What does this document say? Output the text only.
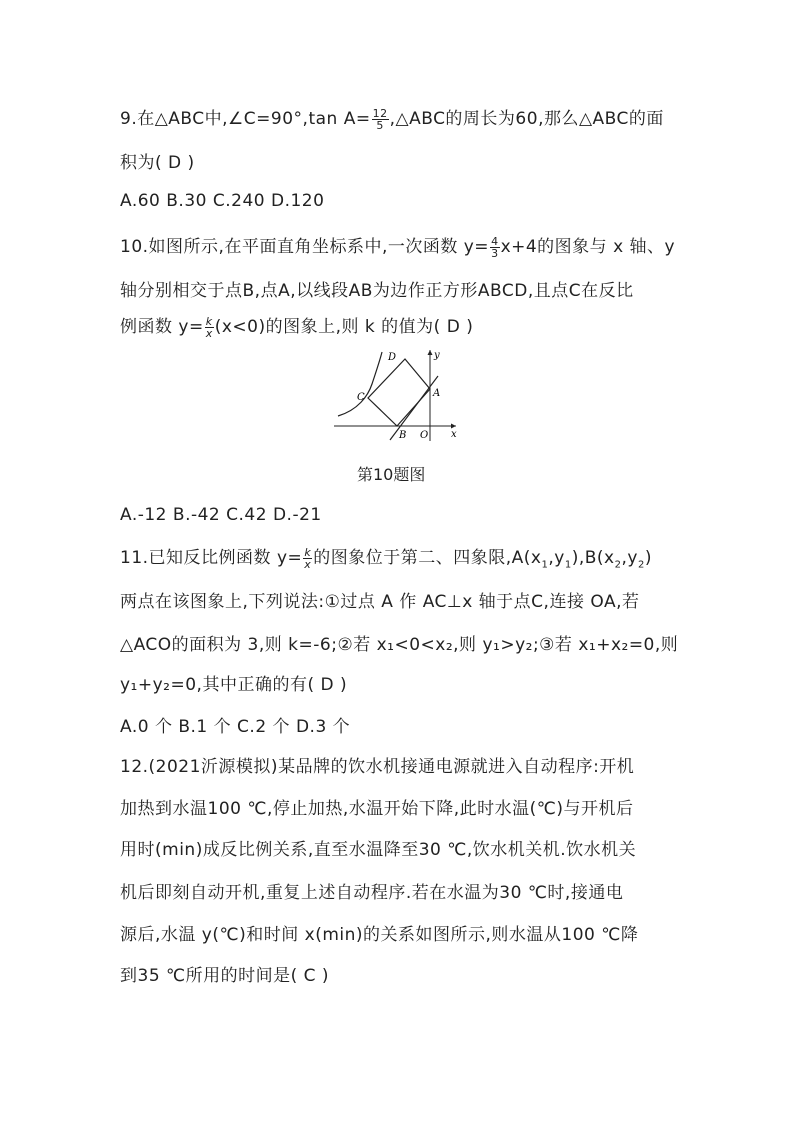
9.在△ABC中,∠C=90°,tan $A= \frac{12}{5}$ ,△ABC的周长为60,那么△ABC的面
积为( D )
A.60 B.30 C.240 D.120
10.如图所示,在平面直角坐标系中,一次函数 $y= \frac{4}{3} x+4$的图象与 x 轴、y
轴分别相交于点B,点A,以线段AB为边作正方形ABCD,且点C在反比
例函数 $y= \frac{k}{x} (x<0)$的图象上,则 k 的值为( D )
D	y
A
C
B O x
第10题图
A.-12 B.-42 C.42 D.-21
11.已知反比例函数 $y= \frac{k}{x}$ 的图象位于第二、四象限$,A(x_1,y_1),B(x_2,y_2)$
两点在该图象上,下列说法:①过点 A 作 AC⊥x 轴于点C,连接 OA,若
△ACO的面积为 3,则 k=-6;②若 x₁<0<x₂,则 y₁>y₂;③若 x₁+x₂=0,则
y₁+y₂=0,其中正确的有( D )
A.0 个 B.1 个 C.2 个 D.3 个
12.(2021沂源模拟)某品牌的饮水机接通电源就进入自动程序:开机
加热到水温100 ℃,停止加热,水温开始下降,此时水温(℃)与开机后
用时(min)成反比例关系,直至水温降至30 ℃,饮水机关机.饮水机关
机后即刻自动开机,重复上述自动程序.若在水温为30 ℃时,接通电
源后,水温 y(℃)和时间 x(min)的关系如图所示,则水温从100 ℃降
到35 ℃所用的时间是( C )
